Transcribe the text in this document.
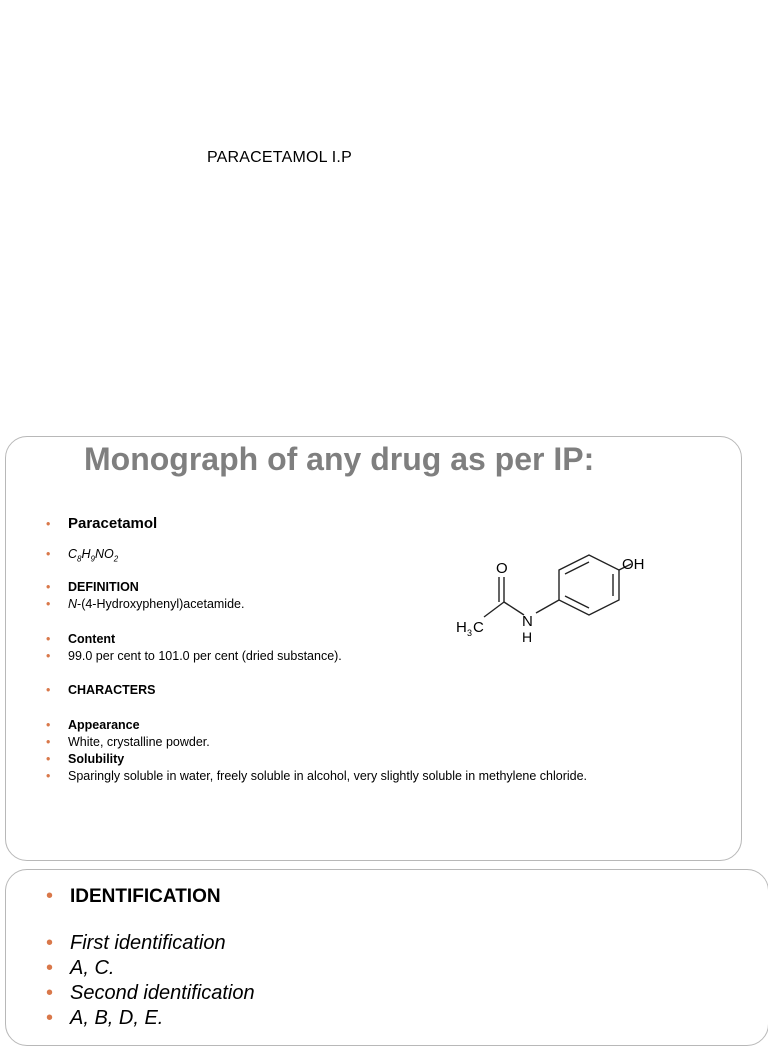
PARACETAMOL I.P
Monograph of any drug as per IP:
• Paracetamol
• $C_8H_9NO_2$
• DEFINITION
• N-(4-Hydroxyphenyl)acetamide.
• Content
• 99.0 per cent to 101.0 per cent (dried substance).
• CHARACTERS
• Appearance
• White, crystalline powder.
• Solubility
• Sparingly soluble in water, freely soluble in alcohol, very slightly soluble in methylene chloride.
OH
O
N
H
H 3 C
• IDENTIFICATION
• First identification
• A, C.
• Second identification
• A, B, D, E.
